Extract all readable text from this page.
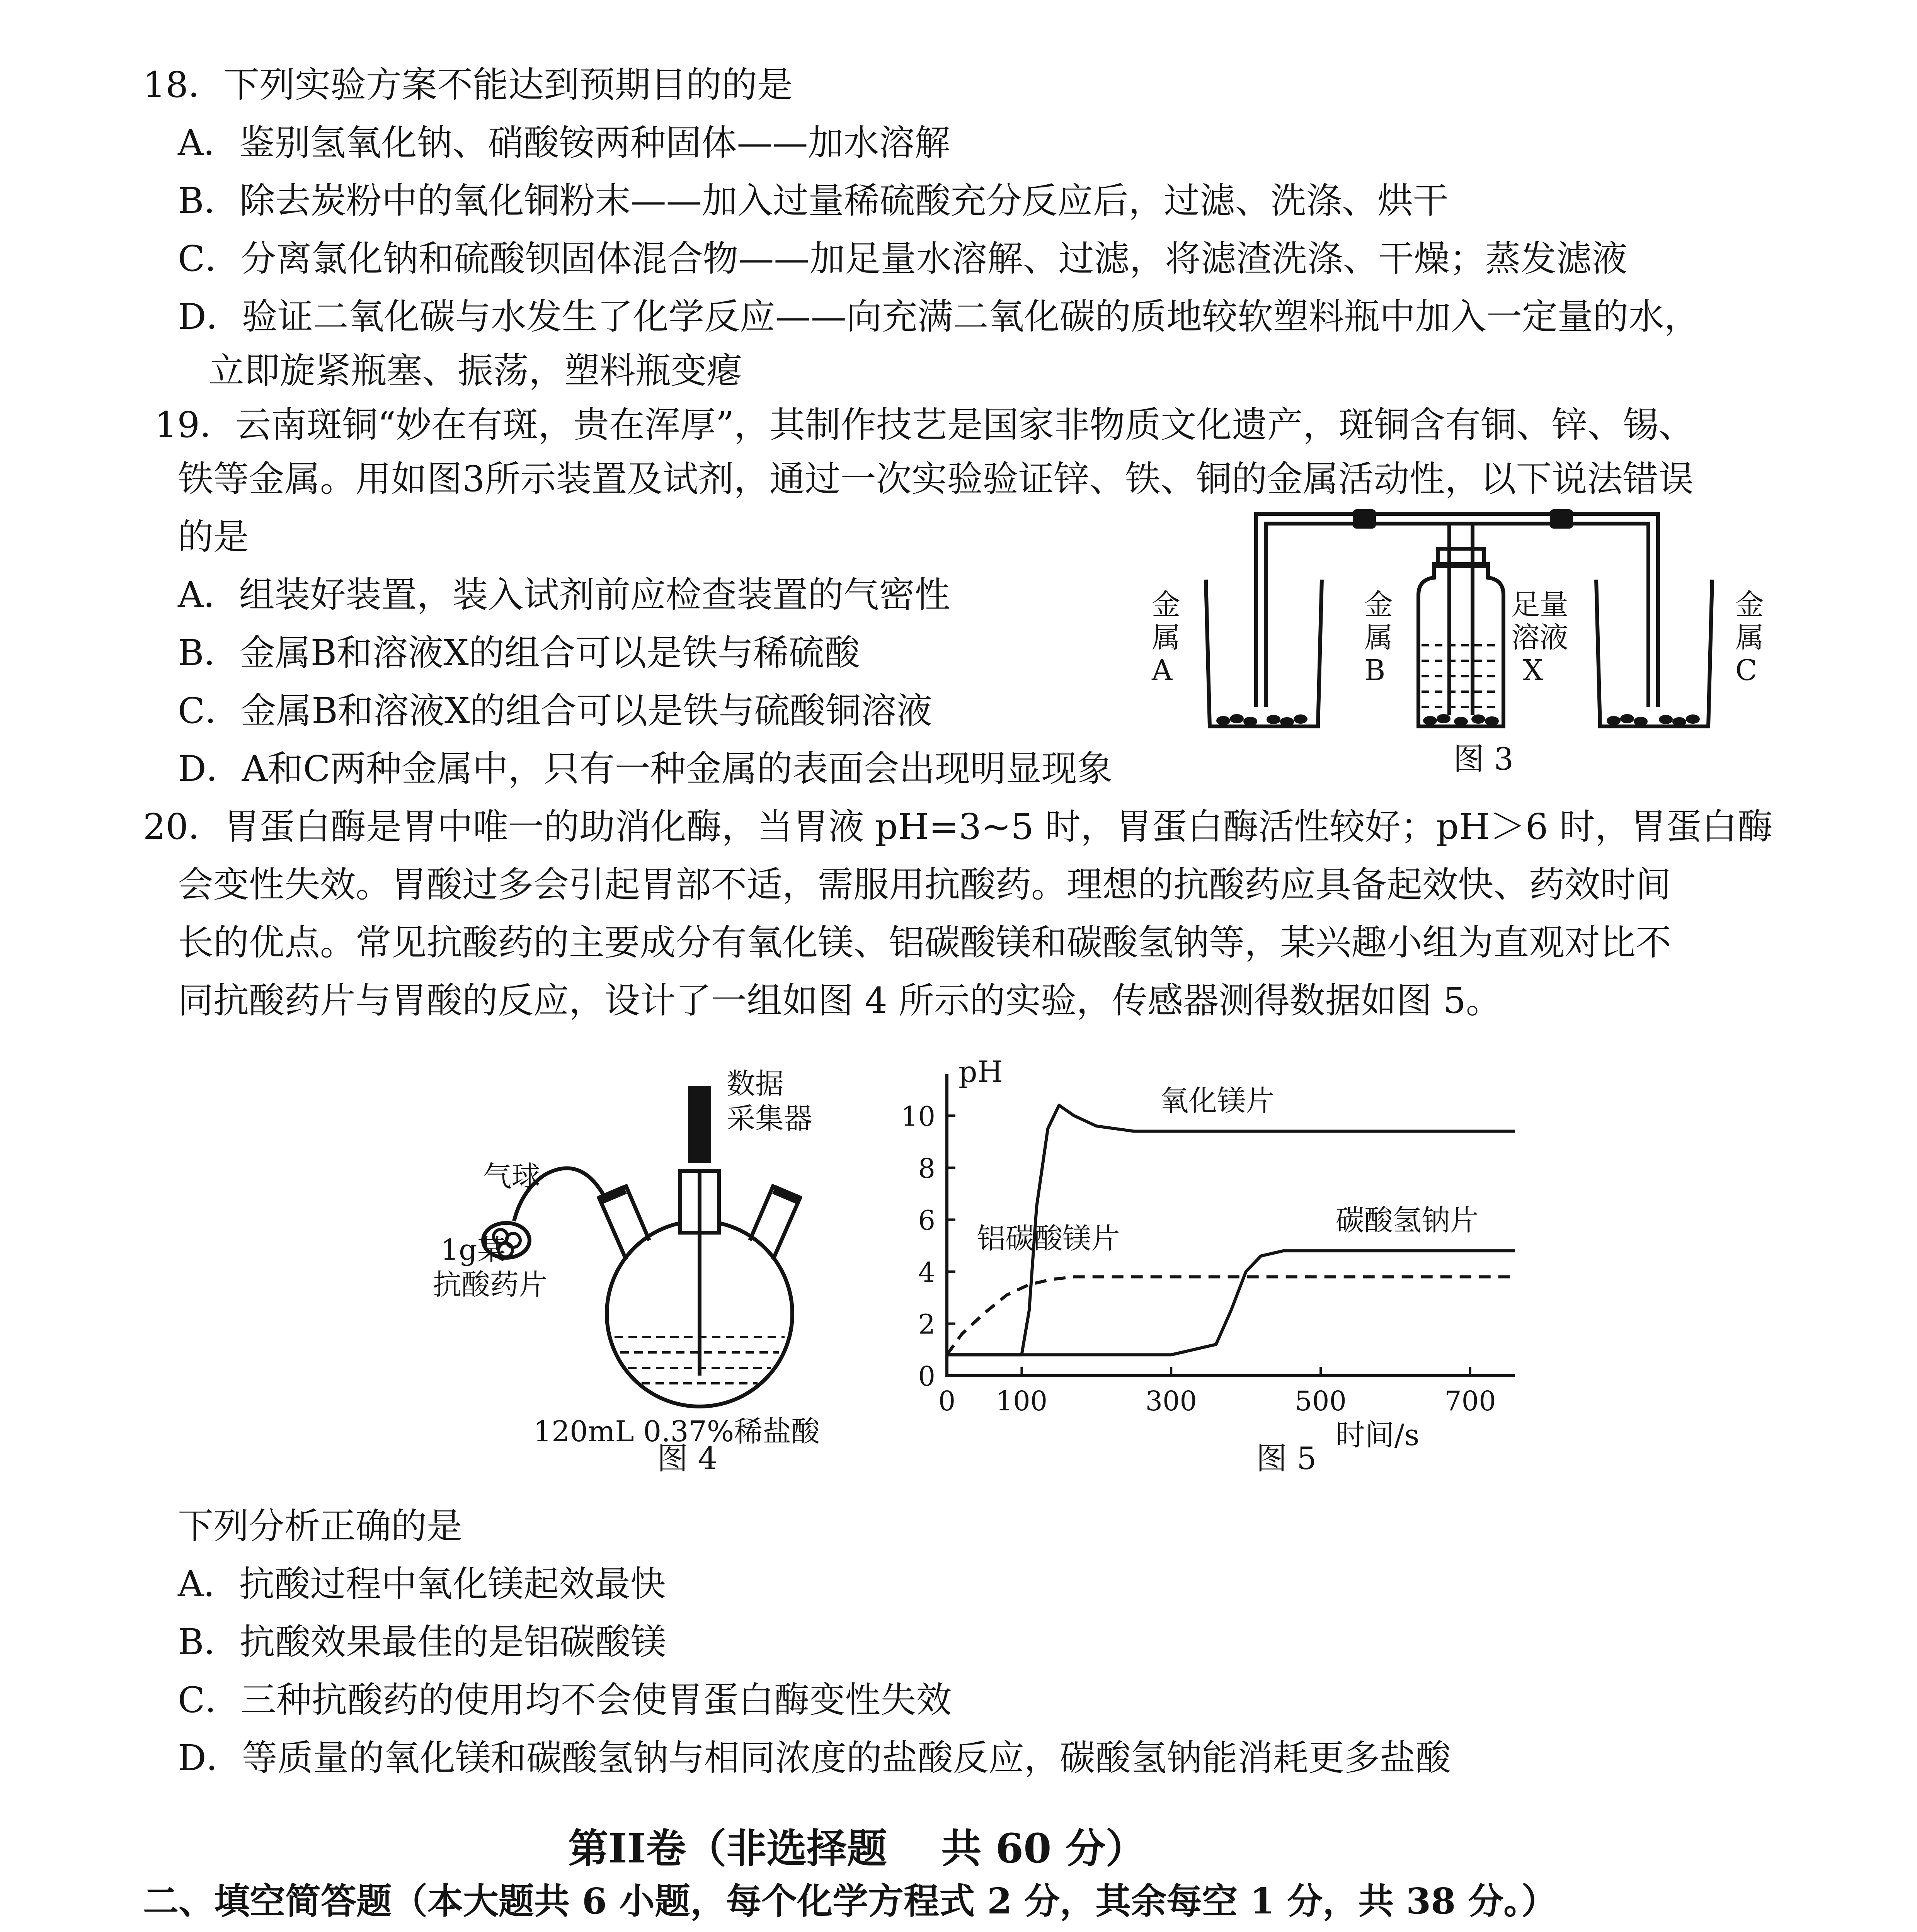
18．下列实验方案不能达到预期目的的是
A．鉴别氢氧化钠、硝酸铵两种固体——加水溶解
B．除去炭粉中的氧化铜粉末——加入过量稀硫酸充分反应后，过滤、洗涤、烘干
C．分离氯化钠和硫酸钡固体混合物——加足量水溶解、过滤，将滤渣洗涤、干燥；蒸发滤液
D．验证二氧化碳与水发生了化学反应——向充满二氧化碳的质地较软塑料瓶中加入一定量的水，
立即旋紧瓶塞、振荡，塑料瓶变瘪
19．云南斑铜“妙在有斑，贵在浑厚”，其制作技艺是国家非物质文化遗产，斑铜含有铜、锌、锡、
铁等金属。用如图3所示装置及试剂，通过一次实验验证锌、铁、铜的金属活动性，以下说法错误
的是
A．组装好装置，装入试剂前应检查装置的气密性
B．金属B和溶液X的组合可以是铁与稀硫酸
C．金属B和溶液X的组合可以是铁与硫酸铜溶液
D．A和C两种金属中，只有一种金属的表面会出现明显现象
金
属
A
金
属
B
足量
溶液
X
金
属
C
图 3
20．胃蛋白酶是胃中唯一的助消化酶，当胃液 pH=3~5 时，胃蛋白酶活性较好；pH＞6 时，胃蛋白酶
会变性失效。胃酸过多会引起胃部不适，需服用抗酸药。理想的抗酸药应具备起效快、药效时间
长的优点。常见抗酸药的主要成分有氧化镁、铝碳酸镁和碳酸氢钠等，某兴趣小组为直观对比不
同抗酸药片与胃酸的反应，设计了一组如图 4 所示的实验，传感器测得数据如图 5。
数据
采集器
气球
1g某
抗酸药片
120mL 0.37%稀盐酸
图 4
0
2
4
6
8
10
0 100	300	500	700
pH
时间/s
氧化镁片
碳酸氢钠片
铝碳酸镁片
图 5
下列分析正确的是
A．抗酸过程中氧化镁起效最快
B．抗酸效果最佳的是铝碳酸镁
C．三种抗酸药的使用均不会使胃蛋白酶变性失效
D．等质量的氧化镁和碳酸氢钠与相同浓度的盐酸反应，碳酸氢钠能消耗更多盐酸
第II卷（非选择题　 共 60 分）
二、填空简答题（本大题共 6 小题，每个化学方程式 2 分，其余每空 1 分，共 38 分。）
